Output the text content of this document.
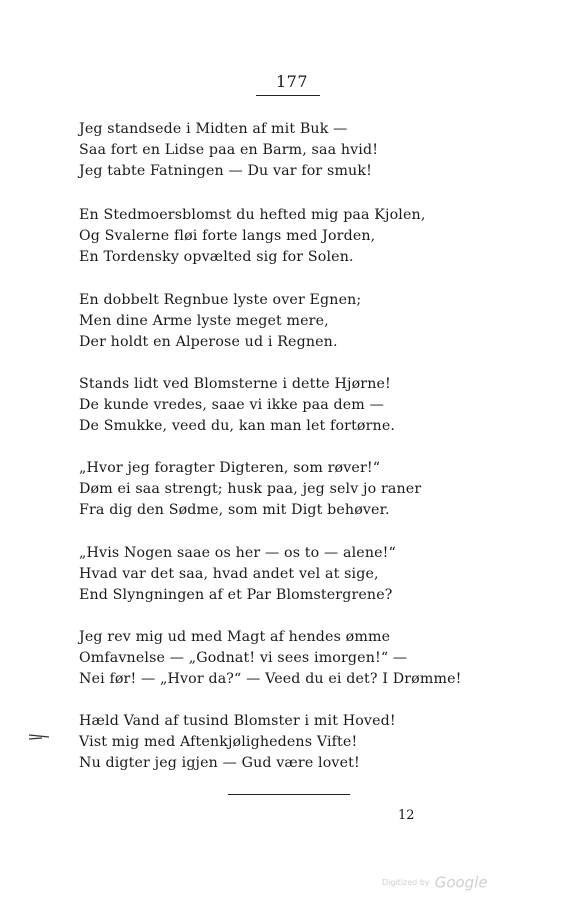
177
Jeg standsede i Midten af mit Buk —
Saa fort en Lidse paa en Barm, saa hvid!
Jeg tabte Fatningen — Du var for smuk!
En Stedmoersblomst du hefted mig paa Kjolen,
Og Svalerne fløi forte langs med Jorden,
En Tordensky opvælted sig for Solen.
En dobbelt Regnbue lyste over Egnen;
Men dine Arme lyste meget mere,
Der holdt en Alperose ud i Regnen.
Stands lidt ved Blomsterne i dette Hjørne!
De kunde vredes, saae vi ikke paa dem —
De Smukke, veed du, kan man let fortørne.
„Hvor jeg foragter Digteren, som røver!“
Døm ei saa strengt; husk paa, jeg selv jo raner
Fra dig den Sødme, som mit Digt behøver.
„Hvis Nogen saae os her — os to — alene!“
Hvad var det saa, hvad andet vel at sige,
End Slyngningen af et Par Blomstergrene?
Jeg rev mig ud med Magt af hendes ømme
Omfavnelse — „Godnat! vi sees imorgen!“ —
Nei før! — „Hvor da?“ — Veed du ei det? I Drømme!
Hæld Vand af tusind Blomster i mit Hoved!
Vist mig med Aftenkjølighedens Vifte!
Nu digter jeg igjen — Gud være lovet!
12
Digitized by Google
